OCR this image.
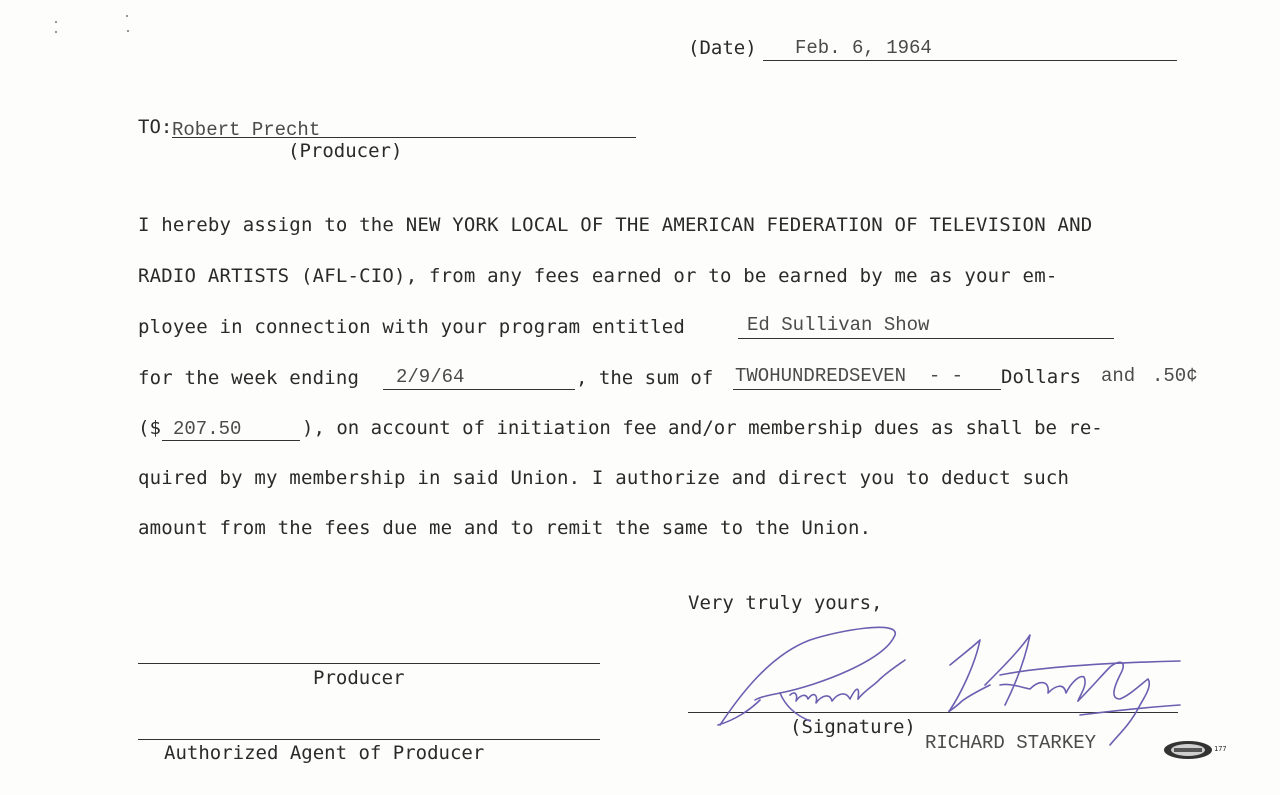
(Date) Feb. 6, 1964
TO: Robert Precht
(Producer)
I hereby assign to the NEW YORK LOCAL OF THE AMERICAN FEDERATION OF TELEVISION AND
RADIO ARTISTS (AFL-CIO), from any fees earned or to be earned by me as your em-
ployee in connection with your program entitled	Ed Sullivan Show
for the week ending 2/9/64	, the sum of TWOHUNDREDSEVEN  - - Dollars and .50¢
($ 207.50	), on account of initiation fee and/or membership dues as shall be re-
quired by my membership in said Union. I authorize and direct you to deduct such
amount from the fees due me and to remit the same to the Union.
Very truly yours,
Producer
Authorized Agent of Producer
(Signature)
RICHARD STARKEY	177
